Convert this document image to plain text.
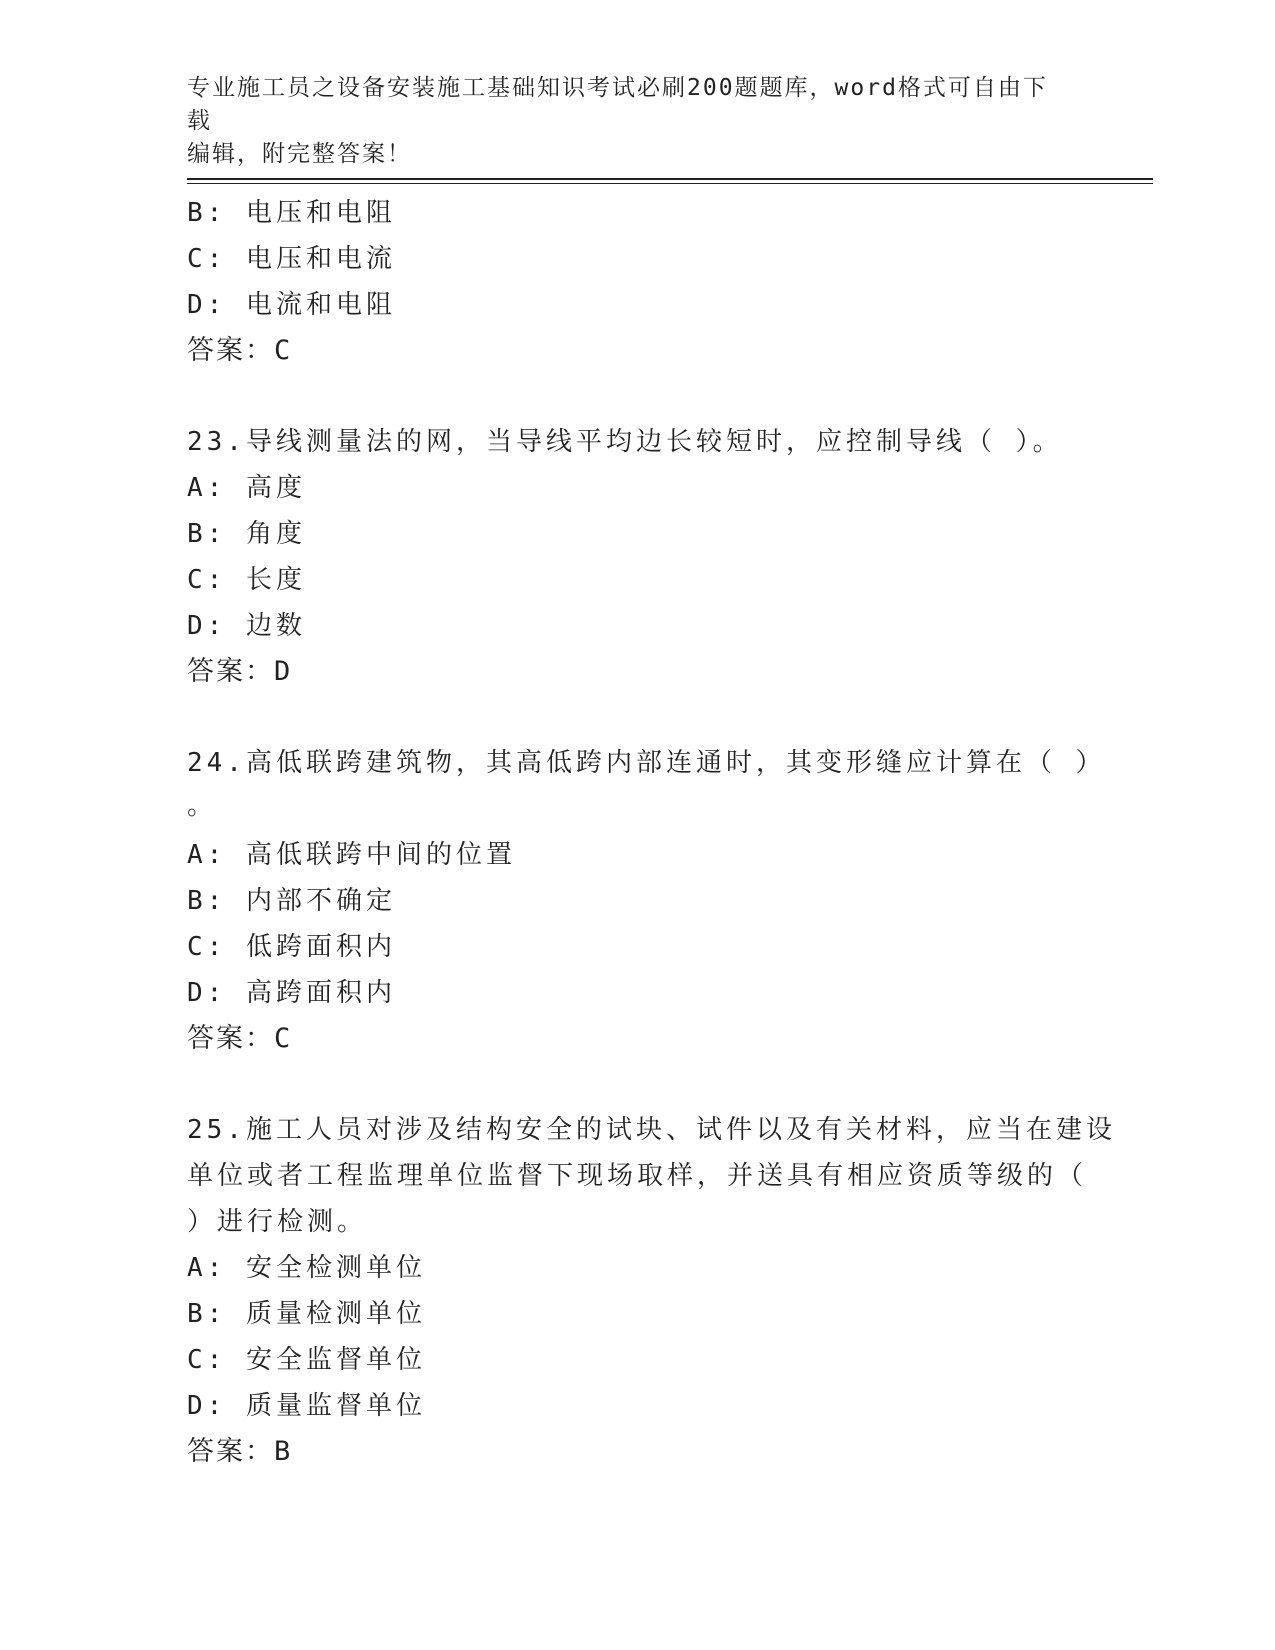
专业施工员之设备安装施工基础知识考试必刷200题题库，word格式可自由下载
编辑，附完整答案！
B: 电压和电阻
C: 电压和电流
D: 电流和电阻
答案：C
23.导线测量法的网，当导线平均边长较短时，应控制导线（ ）。
A: 高度
B: 角度
C: 长度
D: 边数
答案：D
24.高低联跨建筑物，其高低跨内部连通时，其变形缝应计算在（ ）
。
A: 高低联跨中间的位置
B: 内部不确定
C: 低跨面积内
D: 高跨面积内
答案：C
25.施工人员对涉及结构安全的试块、试件以及有关材料，应当在建设
单位或者工程监理单位监督下现场取样，并送具有相应资质等级的（
）进行检测。
A: 安全检测单位
B: 质量检测单位
C: 安全监督单位
D: 质量监督单位
答案：B
